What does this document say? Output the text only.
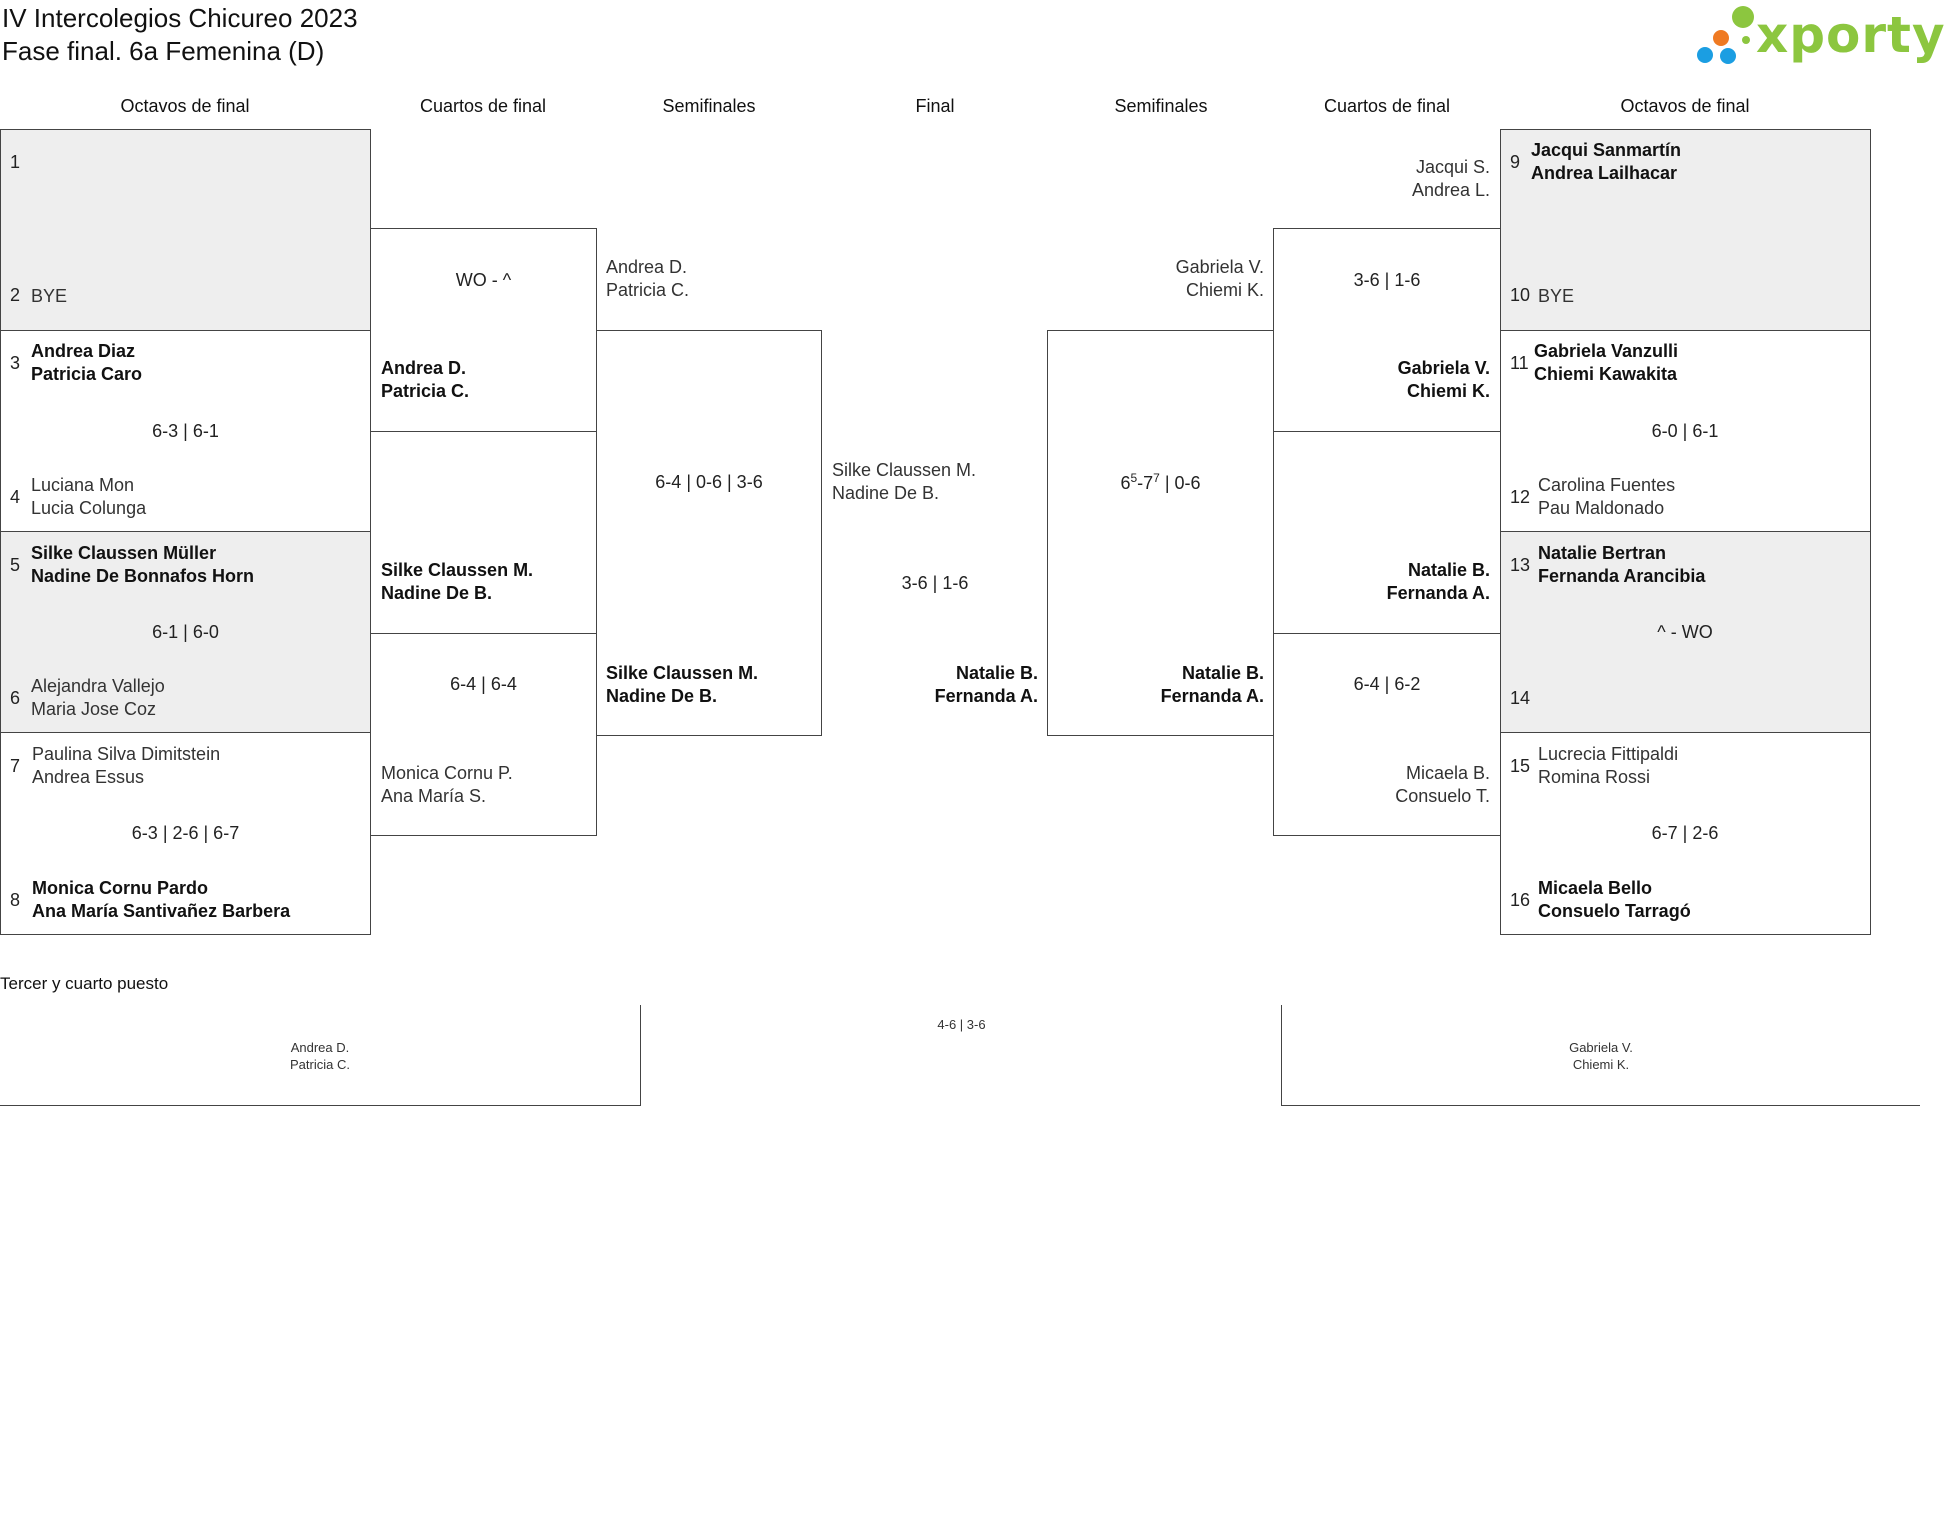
IV Intercolegios Chicureo 2023
Fase final. 6a Femenina (D)	xporty
Octavos de final	Cuartos de final	Semifinales	Final	Semifinales	Cuartos de final	Octavos de final
1
2 BYE
3
Andrea Diaz
Patricia Caro
6-3 | 6-1
4
Luciana Mon
Lucia Colunga
5
Silke Claussen Müller
Nadine De Bonnafos Horn
6-1 | 6-0
6
Alejandra Vallejo
Maria Jose Coz
7
Paulina Silva Dimitstein
Andrea Essus
6-3 | 2-6 | 6-7
8
Monica Cornu Pardo
Ana María Santivañez Barbera
WO - ^
Andrea D.
Patricia C.
Silke Claussen M.
Nadine De B.
6-4 | 6-4
Monica Cornu P.
Ana María S.
Andrea D.
Patricia C.
6-4 | 0-6 | 3-6
Silke Claussen M.
Nadine De B.
Silke Claussen M.
Nadine De B.
3-6 | 1-6
Natalie B.
Fernanda A.
Gabriela V.
Chiemi K.
$6^5-7^7$ | 0-6
Natalie B.
Fernanda A.
Jacqui S.
Andrea L.
3-6 | 1-6
Gabriela V.
Chiemi K.
Natalie B.
Fernanda A.
6-4 | 6-2
Micaela B.
Consuelo T.
9
Jacqui Sanmartín
Andrea Lailhacar
10 BYE
11
Gabriela Vanzulli
Chiemi Kawakita
6-0 | 6-1
12
Carolina Fuentes
Pau Maldonado
13
Natalie Bertran
Fernanda Arancibia
^ - WO
14
15
Lucrecia Fittipaldi
Romina Rossi
6-7 | 2-6
16
Micaela Bello
Consuelo Tarragó
Tercer y cuarto puesto
Andrea D.
Patricia C.
4-6 | 3-6
Gabriela V.
Chiemi K.
